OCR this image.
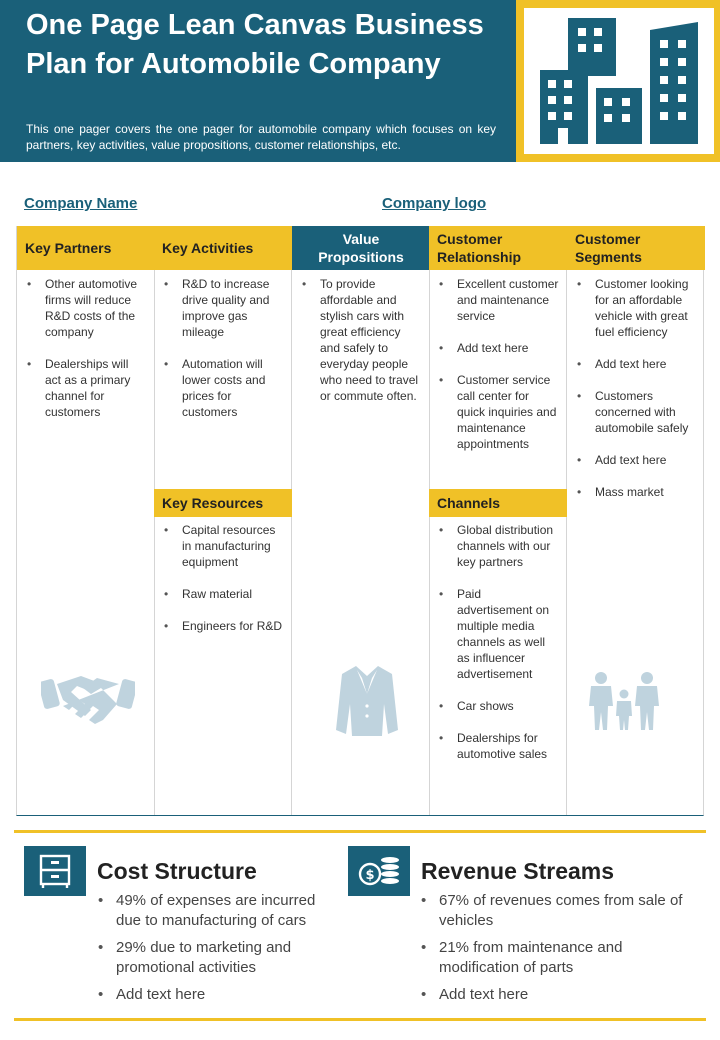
One Page Lean Canvas Business Plan for Automobile Company
This one pager covers the one pager for automobile company which focuses on key partners, key activities, value propositions, customer relationships, etc.
Company Name	Company logo
Key Partners
• Other automotive firms will reduce R&D costs of the company
• Dealerships will act as a primary channel for customers
Key Activities
• R&D to increase drive quality and improve gas mileage
• Automation will lower costs and prices for customers
Key Resources
• Capital resources in manufacturing equipment
• Raw material
• Engineers for R&D
Value Propositions
• To provide affordable and stylish cars with great efficiency and safely to everyday people who need to travel or commute often.
Customer Relationship
• Excellent customer and maintenance service
• Add text here
• Customer service call center for quick inquiries and maintenance appointments
Channels
• Global distribution channels with our key partners
• Paid advertisement on multiple media channels as well as influencer advertisement
• Car shows
• Dealerships for automotive sales
Customer Segments
• Customer looking for an affordable vehicle with great fuel efficiency
• Add text here
• Customers concerned with automobile safely
• Add text here
• Mass market
Cost Structure
• 49% of expenses are incurred due to manufacturing of cars
• 29% due to marketing and promotional activities
• Add text here
$ Revenue Streams
• 67% of revenues comes from sale of vehicles
• 21% from maintenance and modification of parts
• Add text here
